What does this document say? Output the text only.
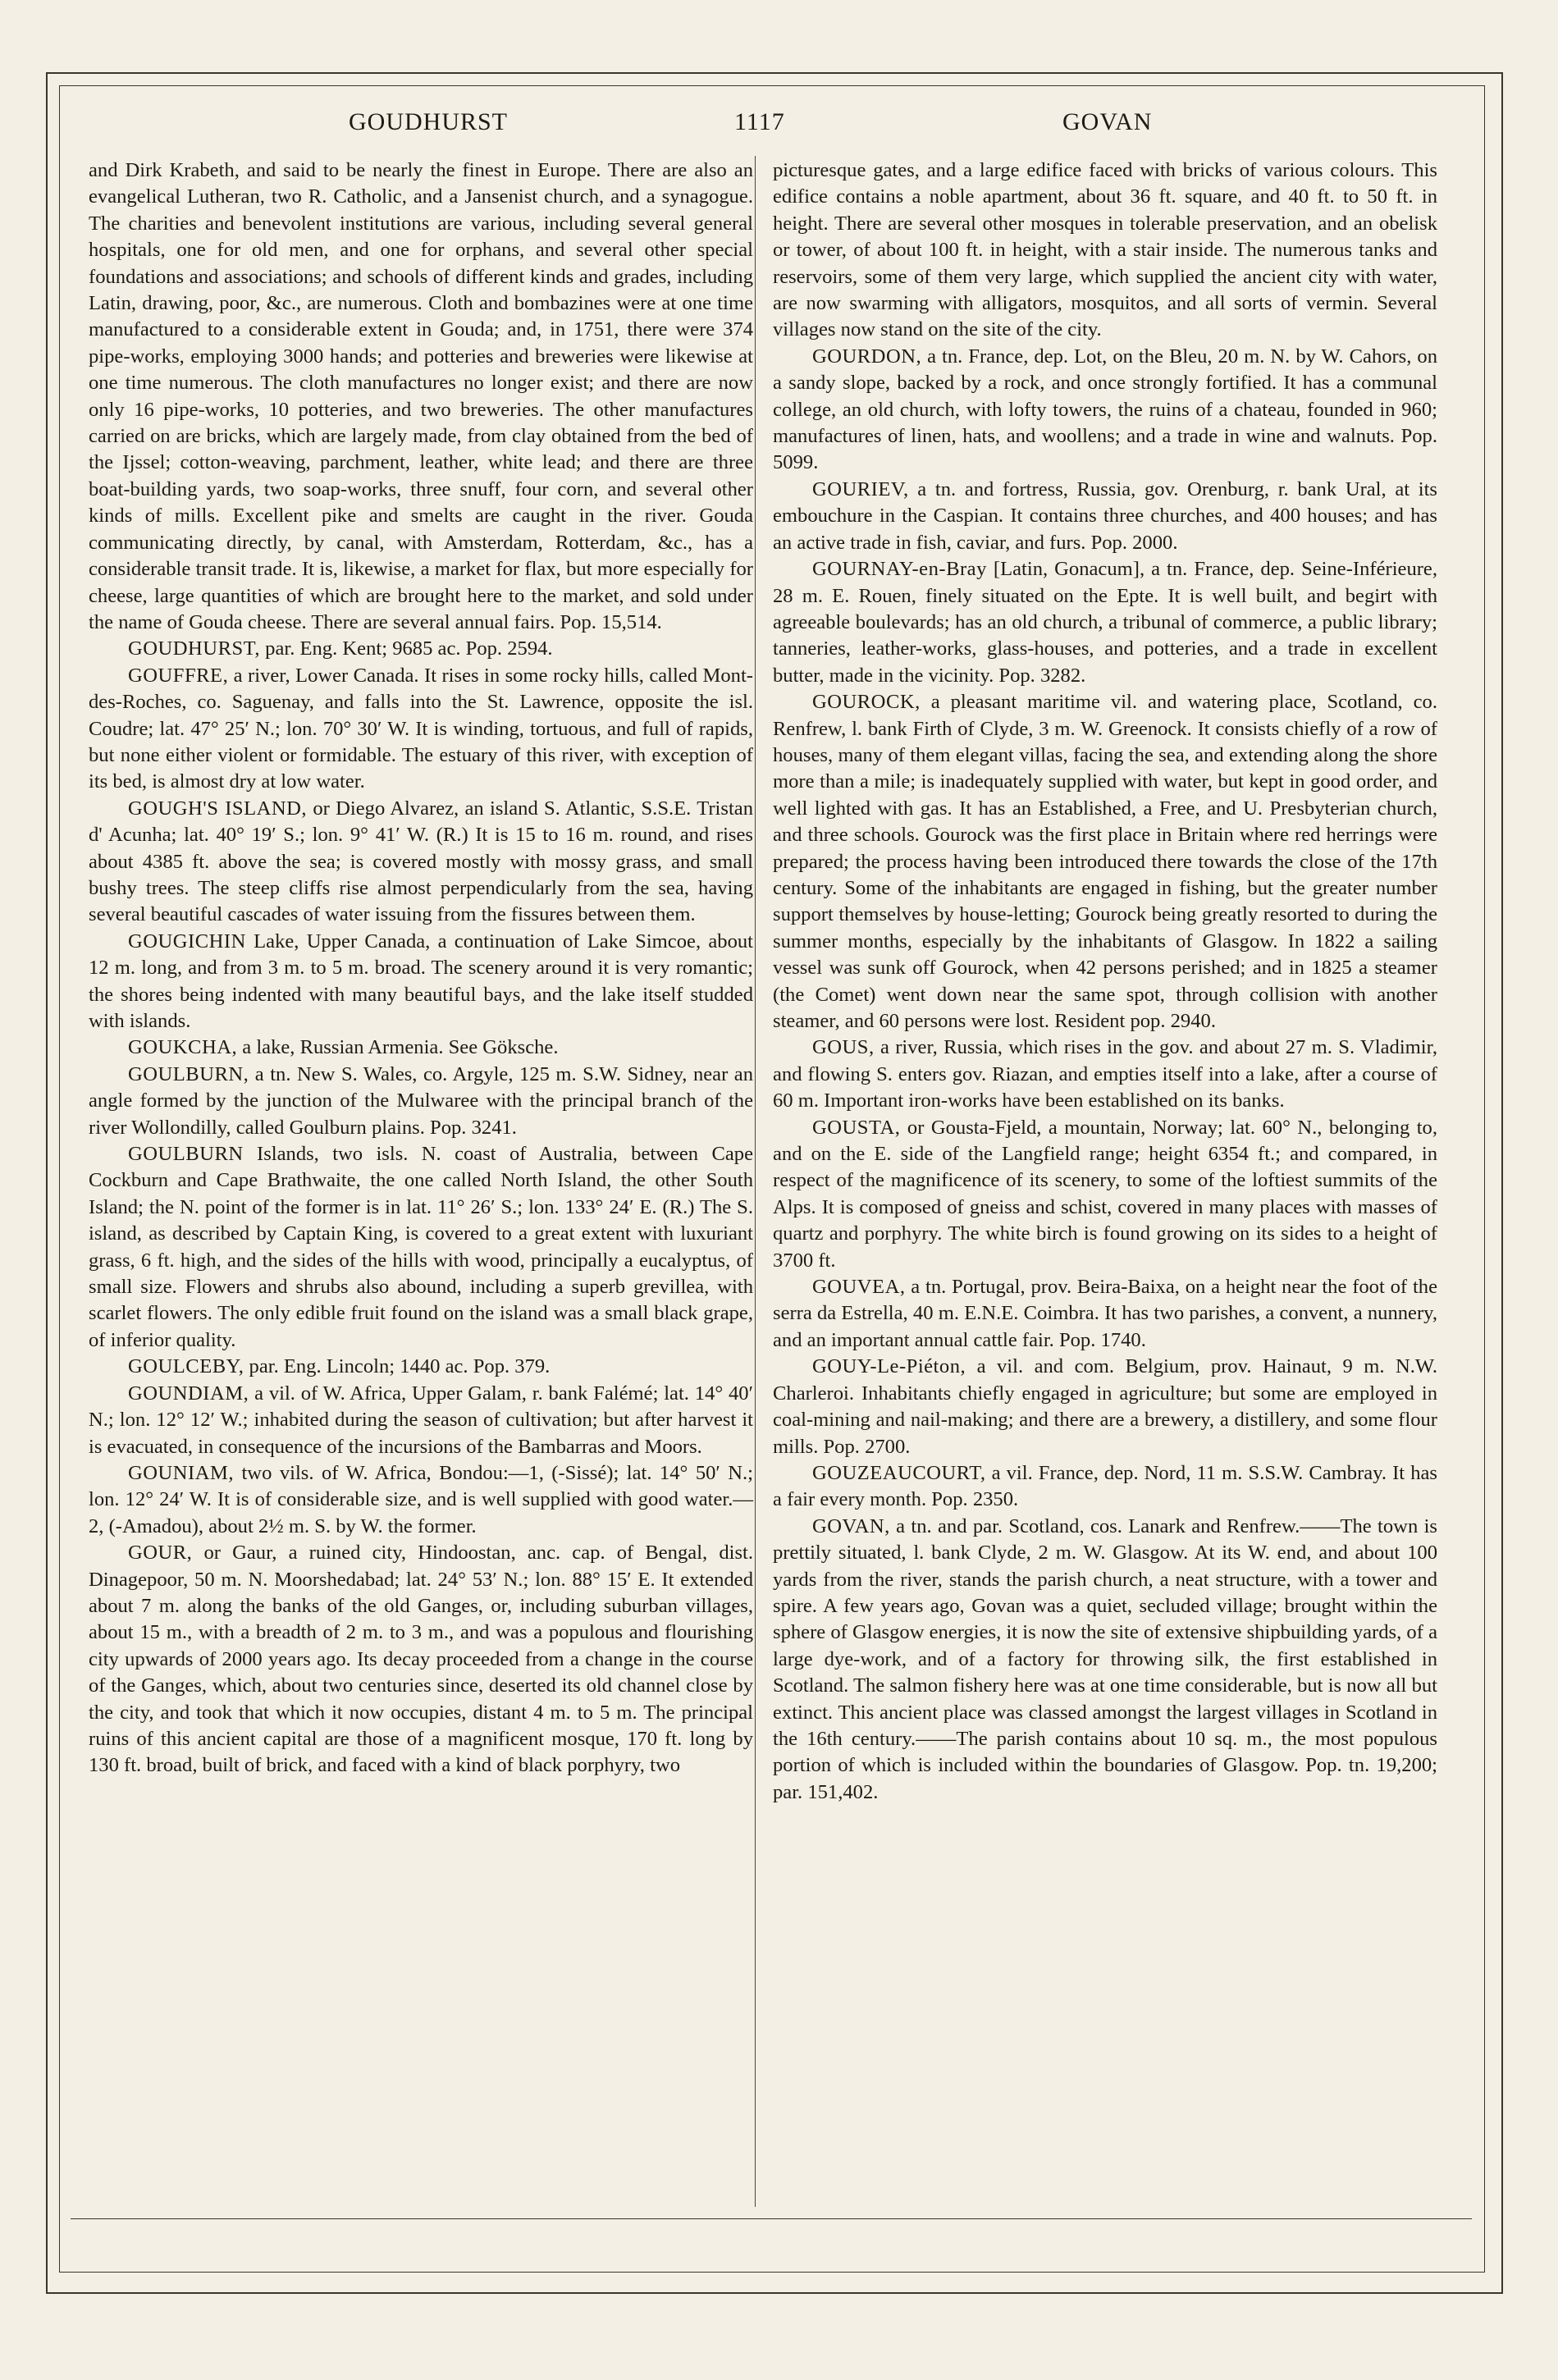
GOUDHURST	1117	GOVAN

and Dirk Krabeth, and said to be nearly the finest in Europe. There are also an evangelical Lutheran, two R. Catholic, and a Jansenist church, and a synagogue. The charities and benevolent institutions are various, including several general hospitals, one for old men, and one for orphans, and several other special foundations and associations; and schools of different kinds and grades, including Latin, drawing, poor, &c., are numerous. Cloth and bombazines were at one time manufactured to a considerable extent in Gouda; and, in 1751, there were 374 pipe-works, employing 3000 hands; and potteries and breweries were likewise at one time numerous. The cloth manufactures no longer exist; and there are now only 16 pipe-works, 10 potteries, and two breweries. The other manufactures carried on are bricks, which are largely made, from clay obtained from the bed of the Ijssel; cotton-weaving, parchment, leather, white lead; and there are three boat-building yards, two soap-works, three snuff, four corn, and several other kinds of mills. Excellent pike and smelts are caught in the river. Gouda communicating directly, by canal, with Amsterdam, Rotterdam, &c., has a considerable transit trade. It is, likewise, a market for flax, but more especially for cheese, large quantities of which are brought here to the market, and sold under the name of Gouda cheese. There are several annual fairs. Pop. 15,514.

GOUDHURST, par. Eng. Kent; 9685 ac. Pop. 2594.

GOUFFRE, a river, Lower Canada. It rises in some rocky hills, called Mont-des-Roches, co. Saguenay, and falls into the St. Lawrence, opposite the isl. Coudre; lat. 47° 25′ N.; lon. 70° 30′ W. It is winding, tortuous, and full of rapids, but none either violent or formidable. The estuary of this river, with exception of its bed, is almost dry at low water.

GOUGH'S ISLAND, or Diego Alvarez, an island S. Atlantic, S.S.E. Tristan d' Acunha; lat. 40° 19′ S.; lon. 9° 41′ W. (R.) It is 15 to 16 m. round, and rises about 4385 ft. above the sea; is covered mostly with mossy grass, and small bushy trees. The steep cliffs rise almost perpendicularly from the sea, having several beautiful cascades of water issuing from the fissures between them.

GOUGICHIN Lake, Upper Canada, a continuation of Lake Simcoe, about 12 m. long, and from 3 m. to 5 m. broad. The scenery around it is very romantic; the shores being indented with many beautiful bays, and the lake itself studded with islands.

GOUKCHA, a lake, Russian Armenia. See Göksche.

GOULBURN, a tn. New S. Wales, co. Argyle, 125 m. S.W. Sidney, near an angle formed by the junction of the Mulwaree with the principal branch of the river Wollondilly, called Goulburn plains. Pop. 3241.

GOULBURN Islands, two isls. N. coast of Australia, between Cape Cockburn and Cape Brathwaite, the one called North Island, the other South Island; the N. point of the former is in lat. 11° 26′ S.; lon. 133° 24′ E. (R.) The S. island, as described by Captain King, is covered to a great extent with luxuriant grass, 6 ft. high, and the sides of the hills with wood, principally a eucalyptus, of small size. Flowers and shrubs also abound, including a superb grevillea, with scarlet flowers. The only edible fruit found on the island was a small black grape, of inferior quality.

GOULCEBY, par. Eng. Lincoln; 1440 ac. Pop. 379.

GOUNDIAM, a vil. of W. Africa, Upper Galam, r. bank Falémé; lat. 14° 40′ N.; lon. 12° 12′ W.; inhabited during the season of cultivation; but after harvest it is evacuated, in consequence of the incursions of the Bambarras and Moors.

GOUNIAM, two vils. of W. Africa, Bondou:—1, (-Sissé); lat. 14° 50′ N.; lon. 12° 24′ W. It is of considerable size, and is well supplied with good water.—2, (-Amadou), about 2½ m. S. by W. the former.

GOUR, or Gaur, a ruined city, Hindoostan, anc. cap. of Bengal, dist. Dinagepoor, 50 m. N. Moorshedabad; lat. 24° 53′ N.; lon. 88° 15′ E. It extended about 7 m. along the banks of the old Ganges, or, including suburban villages, about 15 m., with a breadth of 2 m. to 3 m., and was a populous and flourishing city upwards of 2000 years ago. Its decay proceeded from a change in the course of the Ganges, which, about two centuries since, deserted its old channel close by the city, and took that which it now occupies, distant 4 m. to 5 m. The principal ruins of this ancient capital are those of a magnificent mosque, 170 ft. long by 130 ft. broad, built of brick, and faced with a kind of black porphyry, two

picturesque gates, and a large edifice faced with bricks of various colours. This edifice contains a noble apartment, about 36 ft. square, and 40 ft. to 50 ft. in height. There are several other mosques in tolerable preservation, and an obelisk or tower, of about 100 ft. in height, with a stair inside. The numerous tanks and reservoirs, some of them very large, which supplied the ancient city with water, are now swarming with alligators, mosquitos, and all sorts of vermin. Several villages now stand on the site of the city.

GOURDON, a tn. France, dep. Lot, on the Bleu, 20 m. N. by W. Cahors, on a sandy slope, backed by a rock, and once strongly fortified. It has a communal college, an old church, with lofty towers, the ruins of a chateau, founded in 960; manufactures of linen, hats, and woollens; and a trade in wine and walnuts. Pop. 5099.

GOURIEV, a tn. and fortress, Russia, gov. Orenburg, r. bank Ural, at its embouchure in the Caspian. It contains three churches, and 400 houses; and has an active trade in fish, caviar, and furs. Pop. 2000.

GOURNAY-en-Bray [Latin, Gonacum], a tn. France, dep. Seine-Inférieure, 28 m. E. Rouen, finely situated on the Epte. It is well built, and begirt with agreeable boulevards; has an old church, a tribunal of commerce, a public library; tanneries, leather-works, glass-houses, and potteries, and a trade in excellent butter, made in the vicinity. Pop. 3282.

GOUROCK, a pleasant maritime vil. and watering place, Scotland, co. Renfrew, l. bank Firth of Clyde, 3 m. W. Greenock. It consists chiefly of a row of houses, many of them elegant villas, facing the sea, and extending along the shore more than a mile; is inadequately supplied with water, but kept in good order, and well lighted with gas. It has an Established, a Free, and U. Presbyterian church, and three schools. Gourock was the first place in Britain where red herrings were prepared; the process having been introduced there towards the close of the 17th century. Some of the inhabitants are engaged in fishing, but the greater number support themselves by house-letting; Gourock being greatly resorted to during the summer months, especially by the inhabitants of Glasgow. In 1822 a sailing vessel was sunk off Gourock, when 42 persons perished; and in 1825 a steamer (the Comet) went down near the same spot, through collision with another steamer, and 60 persons were lost. Resident pop. 2940.

GOUS, a river, Russia, which rises in the gov. and about 27 m. S. Vladimir, and flowing S. enters gov. Riazan, and empties itself into a lake, after a course of 60 m. Important iron-works have been established on its banks.

GOUSTA, or Gousta-Fjeld, a mountain, Norway; lat. 60° N., belonging to, and on the E. side of the Langfield range; height 6354 ft.; and compared, in respect of the magnificence of its scenery, to some of the loftiest summits of the Alps. It is composed of gneiss and schist, covered in many places with masses of quartz and porphyry. The white birch is found growing on its sides to a height of 3700 ft.

GOUVEA, a tn. Portugal, prov. Beira-Baixa, on a height near the foot of the serra da Estrella, 40 m. E.N.E. Coimbra. It has two parishes, a convent, a nunnery, and an important annual cattle fair. Pop. 1740.

GOUY-Le-Piéton, a vil. and com. Belgium, prov. Hainaut, 9 m. N.W. Charleroi. Inhabitants chiefly engaged in agriculture; but some are employed in coal-mining and nail-making; and there are a brewery, a distillery, and some flour mills. Pop. 2700.

GOUZEAUCOURT, a vil. France, dep. Nord, 11 m. S.S.W. Cambray. It has a fair every month. Pop. 2350.

GOVAN, a tn. and par. Scotland, cos. Lanark and Renfrew.——The town is prettily situated, l. bank Clyde, 2 m. W. Glasgow. At its W. end, and about 100 yards from the river, stands the parish church, a neat structure, with a tower and spire. A few years ago, Govan was a quiet, secluded village; brought within the sphere of Glasgow energies, it is now the site of extensive shipbuilding yards, of a large dye-work, and of a factory for throwing silk, the first established in Scotland. The salmon fishery here was at one time considerable, but is now all but extinct. This ancient place was classed amongst the largest villages in Scotland in the 16th century.——The parish contains about 10 sq. m., the most populous portion of which is included within the boundaries of Glasgow. Pop. tn. 19,200; par. 151,402.
